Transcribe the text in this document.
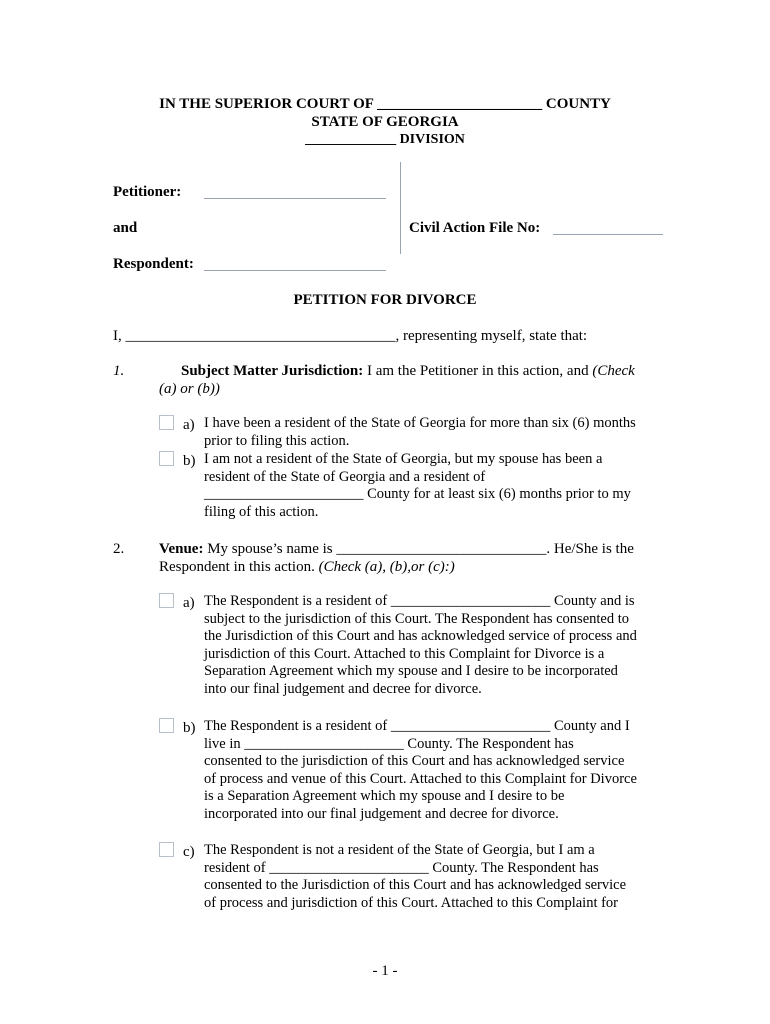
IN THE SUPERIOR COURT OF ______________________ COUNTY
STATE OF GEORGIA
_____________ DIVISION
Petitioner:
and
Respondent:
Civil Action File No:
PETITION FOR DIVORCE
I, ____________________________________, representing myself, state that:
1.	Subject Matter Jurisdiction: I am the Petitioner in this action, and (Check
(a) or (b))
a) I have been a resident of the State of Georgia for more than six (6) months
prior to filing this action.
b) I am not a resident of the State of Georgia, but my spouse has been a
resident of the State of Georgia and a resident of
______________________ County for at least six (6) months prior to my
filing of this action.
2. Venue: My spouse’s name is ____________________________. He/She is the
Respondent in this action. (Check (a), (b),or (c):)
a) The Respondent is a resident of ______________________ County and is
subject to the jurisdiction of this Court. The Respondent has consented to
the Jurisdiction of this Court and has acknowledged service of process and
jurisdiction of this Court. Attached to this Complaint for Divorce is a
Separation Agreement which my spouse and I desire to be incorporated
into our final judgement and decree for divorce.
b) The Respondent is a resident of ______________________ County and I
live in ______________________ County. The Respondent has
consented to the jurisdiction of this Court and has acknowledged service
of process and venue of this Court. Attached to this Complaint for Divorce
is a Separation Agreement which my spouse and I desire to be
incorporated into our final judgement and decree for divorce.
c) The Respondent is not a resident of the State of Georgia, but I am a
resident of ______________________ County. The Respondent has
consented to the Jurisdiction of this Court and has acknowledged service
of process and jurisdiction of this Court. Attached to this Complaint for
- 1 -
